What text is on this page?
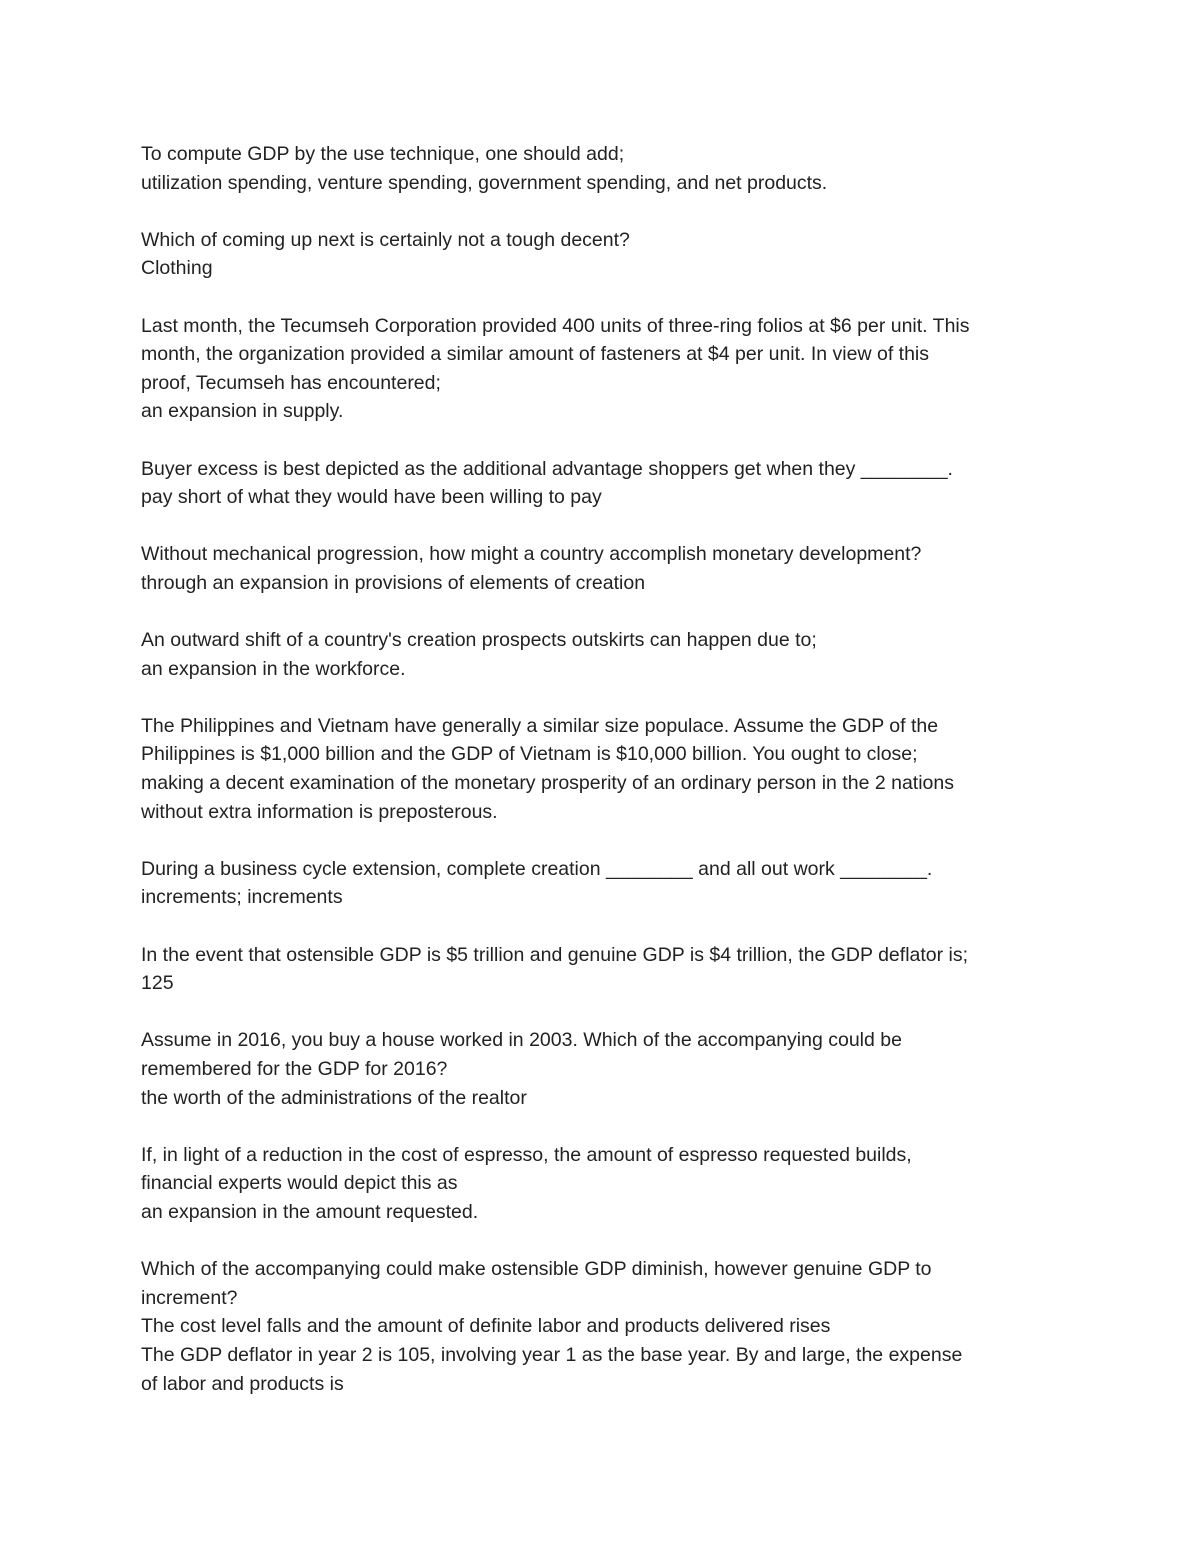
To compute GDP by the use technique, one should add;
utilization spending, venture spending, government spending, and net products.
Which of coming up next is certainly not a tough decent?
Clothing
Last month, the Tecumseh Corporation provided 400 units of three-ring folios at $6 per unit. This
month, the organization provided a similar amount of fasteners at $4 per unit. In view of this
proof, Tecumseh has encountered;
an expansion in supply.
Buyer excess is best depicted as the additional advantage shoppers get when they ________.
pay short of what they would have been willing to pay
Without mechanical progression, how might a country accomplish monetary development?
through an expansion in provisions of elements of creation
An outward shift of a country's creation prospects outskirts can happen due to;
an expansion in the workforce.
The Philippines and Vietnam have generally a similar size populace. Assume the GDP of the
Philippines is $1,000 billion and the GDP of Vietnam is $10,000 billion. You ought to close;
making a decent examination of the monetary prosperity of an ordinary person in the 2 nations
without extra information is preposterous.
During a business cycle extension, complete creation ________ and all out work ________.
increments; increments
In the event that ostensible GDP is $5 trillion and genuine GDP is $4 trillion, the GDP deflator is;
125
Assume in 2016, you buy a house worked in 2003. Which of the accompanying could be
remembered for the GDP for 2016?
the worth of the administrations of the realtor
If, in light of a reduction in the cost of espresso, the amount of espresso requested builds,
financial experts would depict this as
an expansion in the amount requested.
Which of the accompanying could make ostensible GDP diminish, however genuine GDP to
increment?
The cost level falls and the amount of definite labor and products delivered rises
The GDP deflator in year 2 is 105, involving year 1 as the base year. By and large, the expense
of labor and products is
